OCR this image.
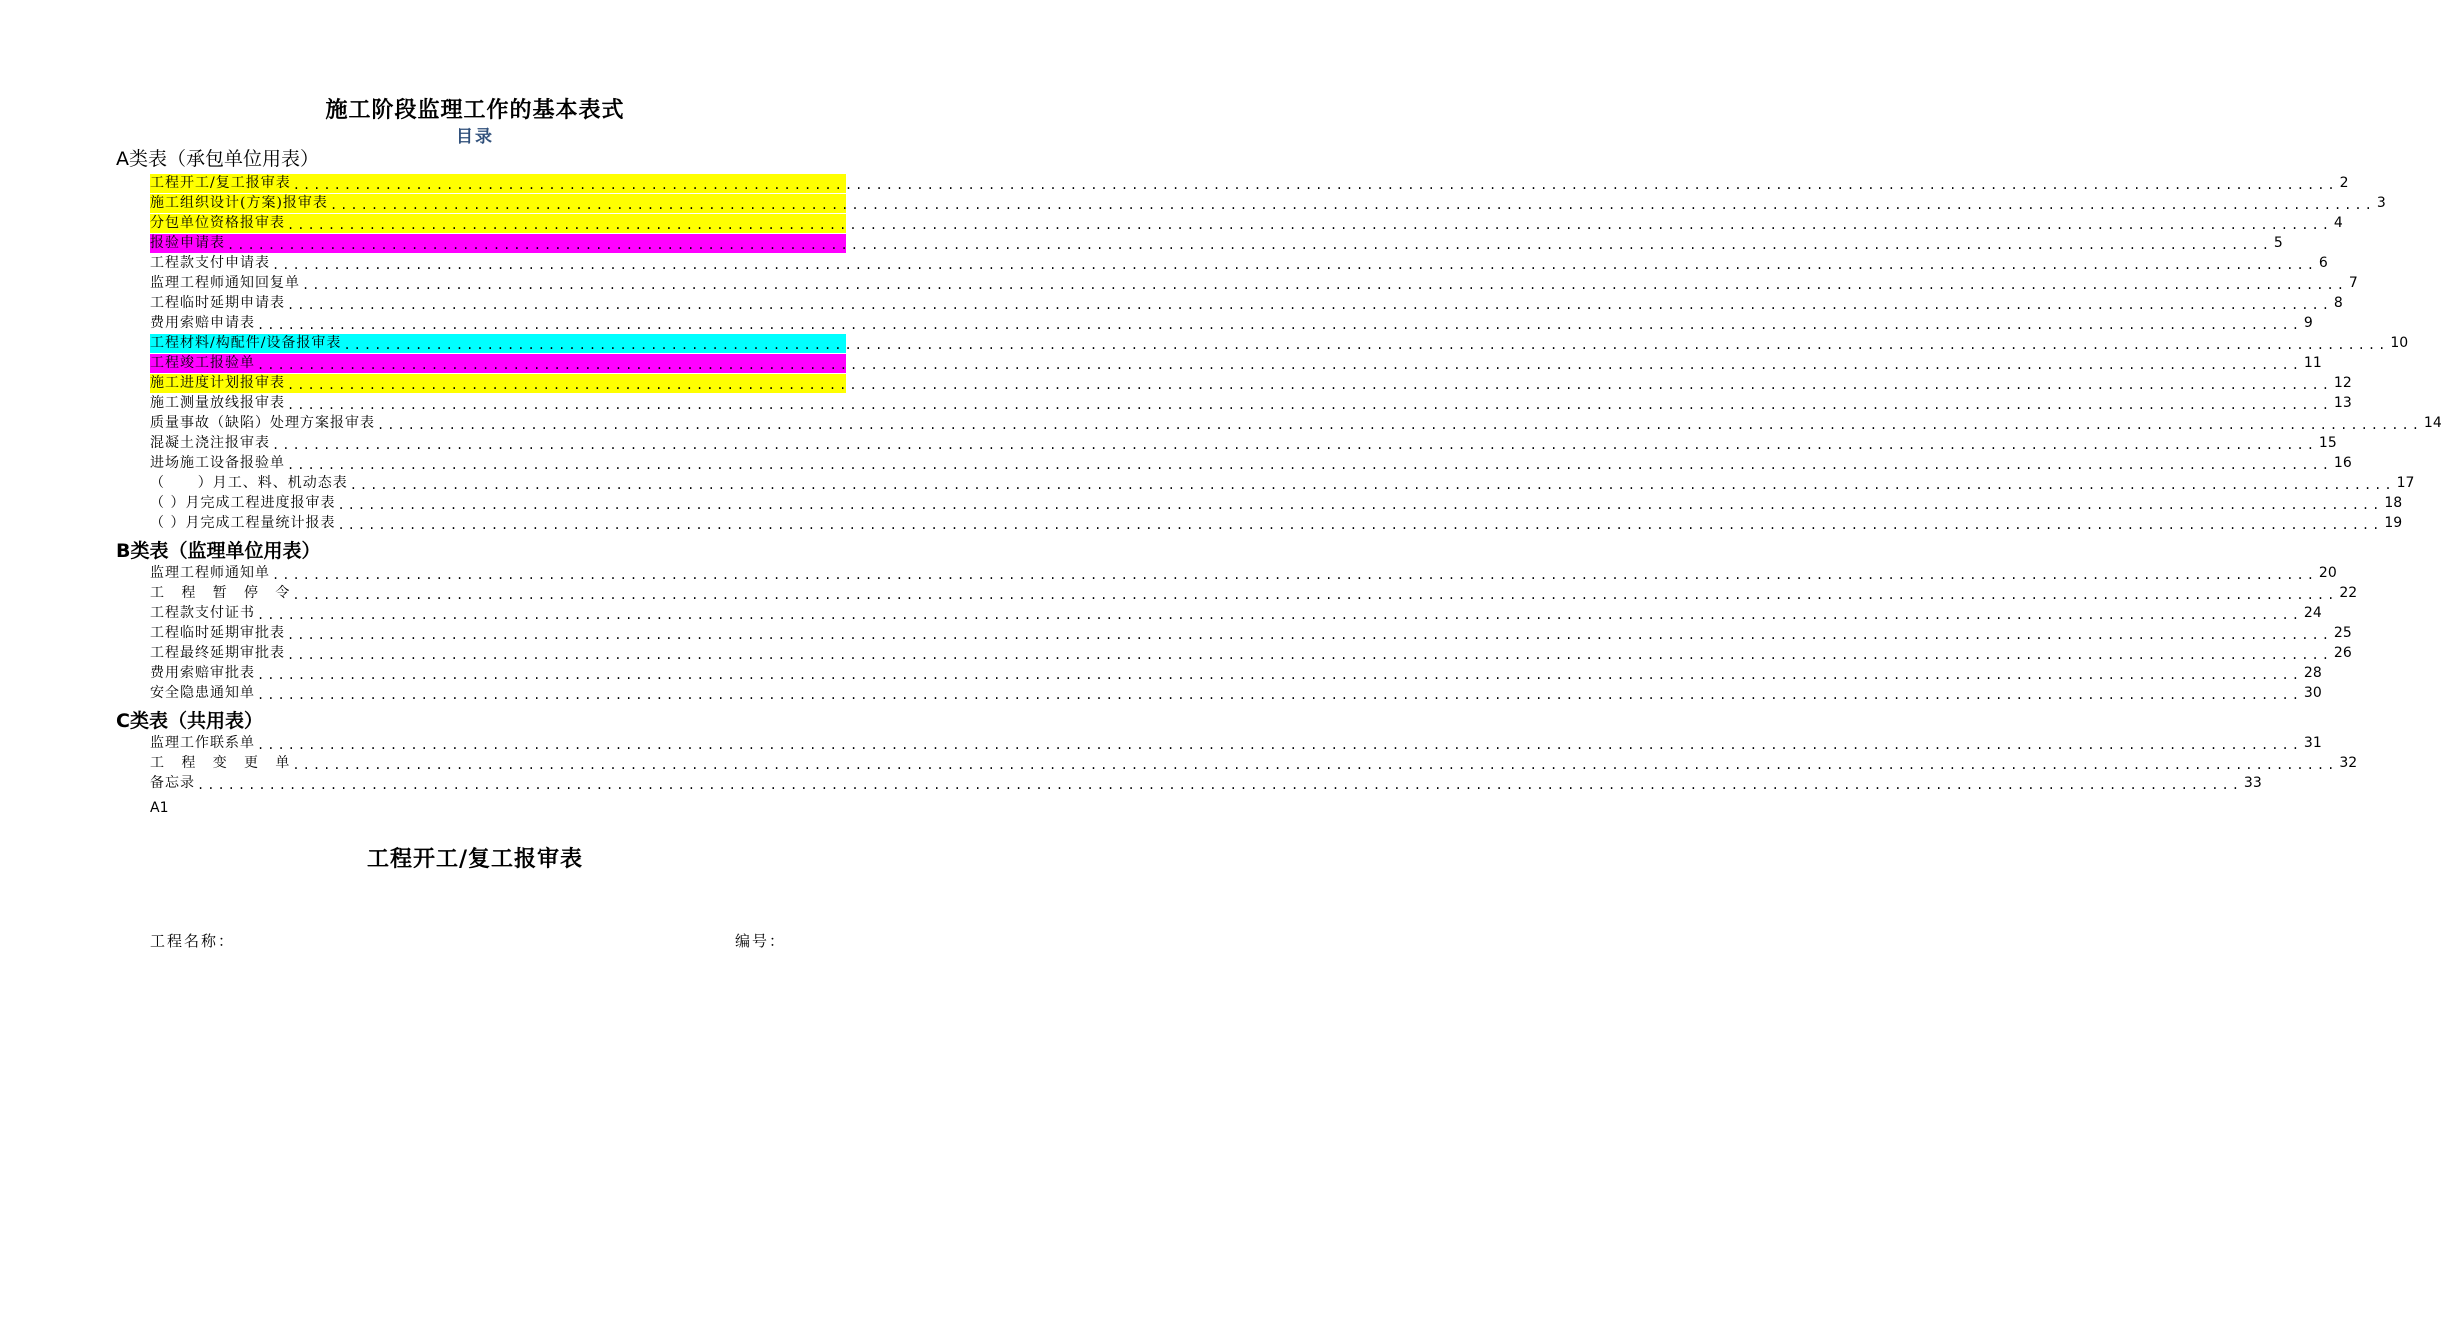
施工阶段监理工作的基本表式
目录
A类表（承包单位用表）
工程开工/复工报审表 ........................................................................................................................................................................................................ 2
施工组织设计(方案)报审表 ........................................................................................................................................................................................................ 3
分包单位资格报审表 ........................................................................................................................................................................................................ 4
报验申请表 ........................................................................................................................................................................................................ 5
工程款支付申请表 ........................................................................................................................................................................................................ 6
监理工程师通知回复单 ........................................................................................................................................................................................................ 7
工程临时延期申请表 ........................................................................................................................................................................................................ 8
费用索赔申请表 ........................................................................................................................................................................................................ 9
工程材料/构配件/设备报审表 ........................................................................................................................................................................................................ 10
工程竣工报验单 ........................................................................................................................................................................................................ 11
施工进度计划报审表 ........................................................................................................................................................................................................ 12
施工测量放线报审表 ........................................................................................................................................................................................................ 13
质量事故（缺陷）处理方案报审表 ........................................................................................................................................................................................................ 14
混凝土浇注报审表 ........................................................................................................................................................................................................ 15
进场施工设备报验单 ........................................................................................................................................................................................................ 16
（      ）月工、料、机动态表 ........................................................................................................................................................................................................ 17
（ ）月完成工程进度报审表 ........................................................................................................................................................................................................ 18
（ ）月完成工程量统计报表 ........................................................................................................................................................................................................ 19
B类表（监理单位用表）
监理工程师通知单 ........................................................................................................................................................................................................ 20
工   程   暂   停   令 ........................................................................................................................................................................................................ 22
工程款支付证书 ........................................................................................................................................................................................................ 24
工程临时延期审批表 ........................................................................................................................................................................................................ 25
工程最终延期审批表 ........................................................................................................................................................................................................ 26
费用索赔审批表 ........................................................................................................................................................................................................ 28
安全隐患通知单 ........................................................................................................................................................................................................ 30
C类表（共用表）
监理工作联系单 ........................................................................................................................................................................................................ 31
工   程   变   更   单 ........................................................................................................................................................................................................ 32
备忘录 ........................................................................................................................................................................................................ 33
A1
工程开工/复工报审表
工程名称：	编号：
